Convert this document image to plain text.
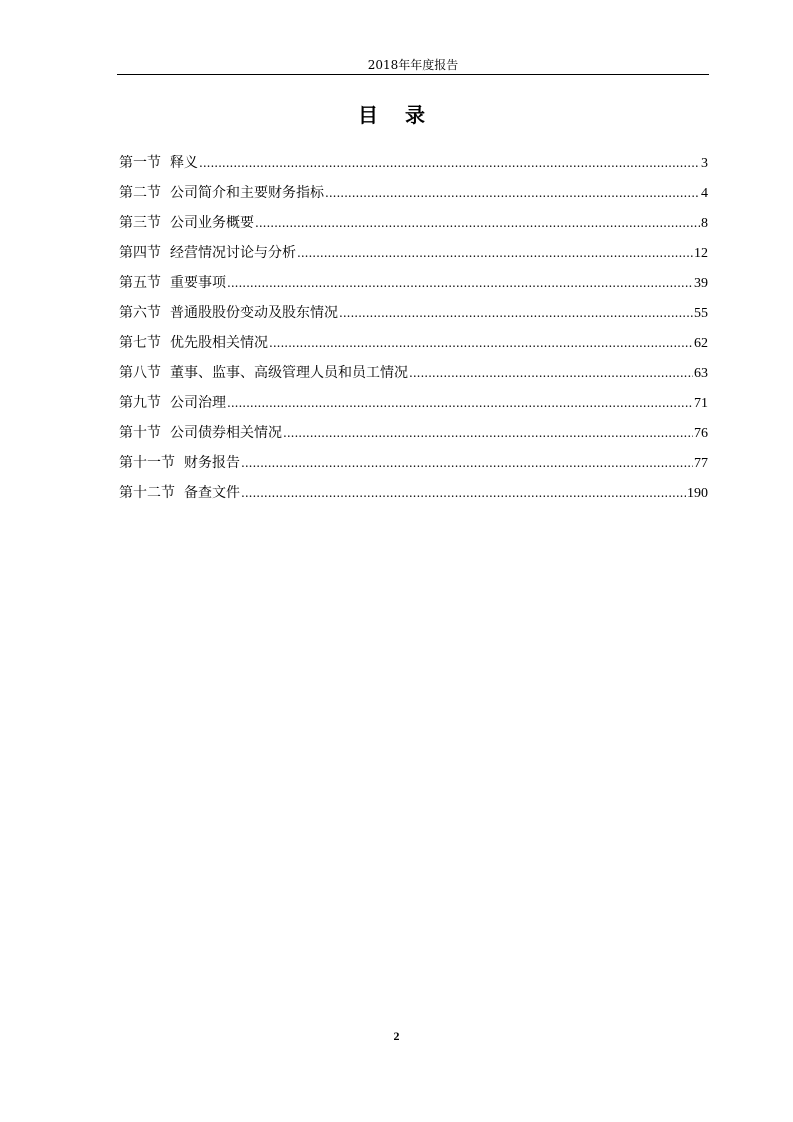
2018年年度报告
目 录
第一节 释义 .....	3
第二节 公司简介和主要财务指标 .....	4
第三节 公司业务概要 .....	8
第四节 经营情况讨论与分析 .....	12
第五节 重要事项 .....	39
第六节 普通股股份变动及股东情况 .....	55
第七节 优先股相关情况 .....	62
第八节 董事、监事、高级管理人员和员工情况 .....	63
第九节 公司治理 .....	71
第十节 公司债券相关情况 .....	76
第十一节 财务报告 .....	77
第十二节 备查文件 .....	190
2
